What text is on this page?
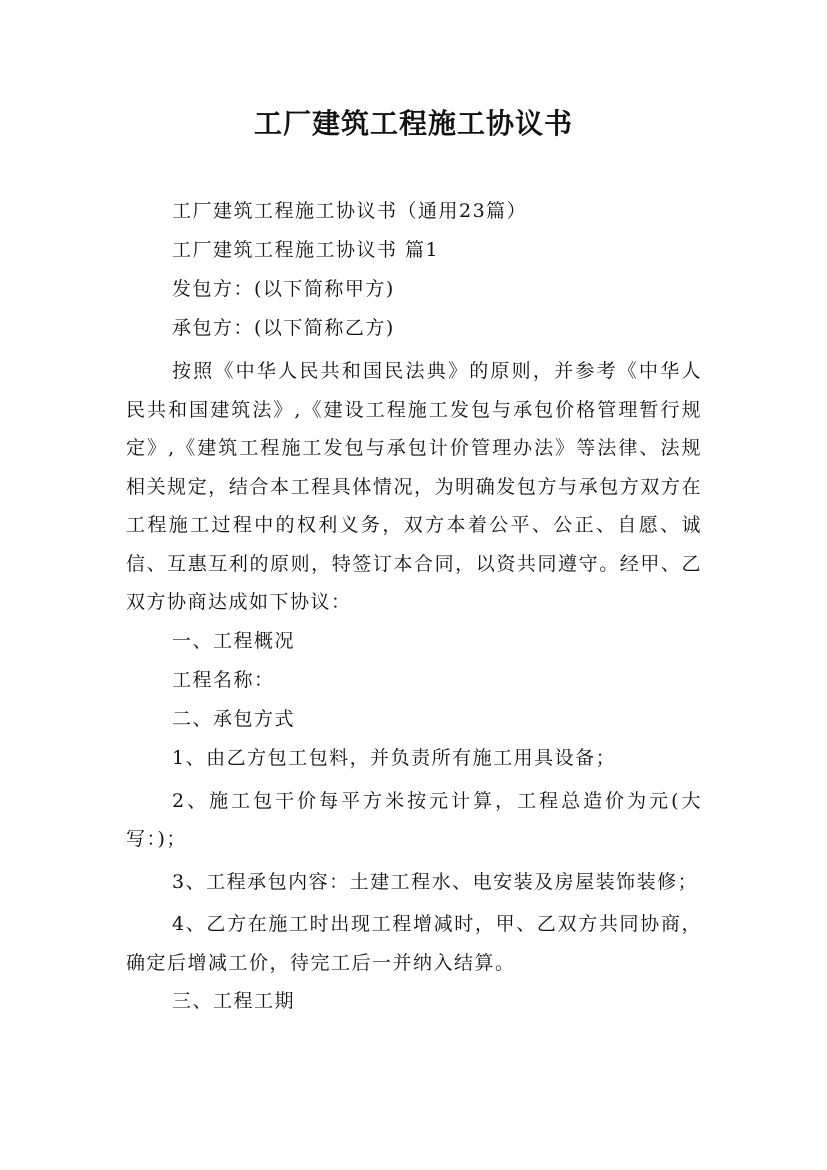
工厂建筑工程施工协议书

工厂建筑工程施工协议书（通用23篇）

工厂建筑工程施工协议书 篇1

发包方：(以下简称甲方)

承包方：(以下简称乙方)

按照《中华人民共和国民法典》的原则，并参考《中华人民共和国建筑法》,《建设工程施工发包与承包价格管理暂行规定》,《建筑工程施工发包与承包计价管理办法》等法律、法规相关规定，结合本工程具体情况，为明确发包方与承包方双方在工程施工过程中的权利义务，双方本着公平、公正、自愿、诚信、互惠互利的原则，特签订本合同，以资共同遵守。经甲、乙双方协商达成如下协议：

一、工程概况

工程名称：

二、承包方式

1、由乙方包工包料，并负责所有施工用具设备；

2、施工包干价每平方米按元计算，工程总造价为元(大写：)；

3、工程承包内容：土建工程水、电安装及房屋装饰装修；

4、乙方在施工时出现工程增减时，甲、乙双方共同协商，确定后增减工价，待完工后一并纳入结算。

三、工程工期
